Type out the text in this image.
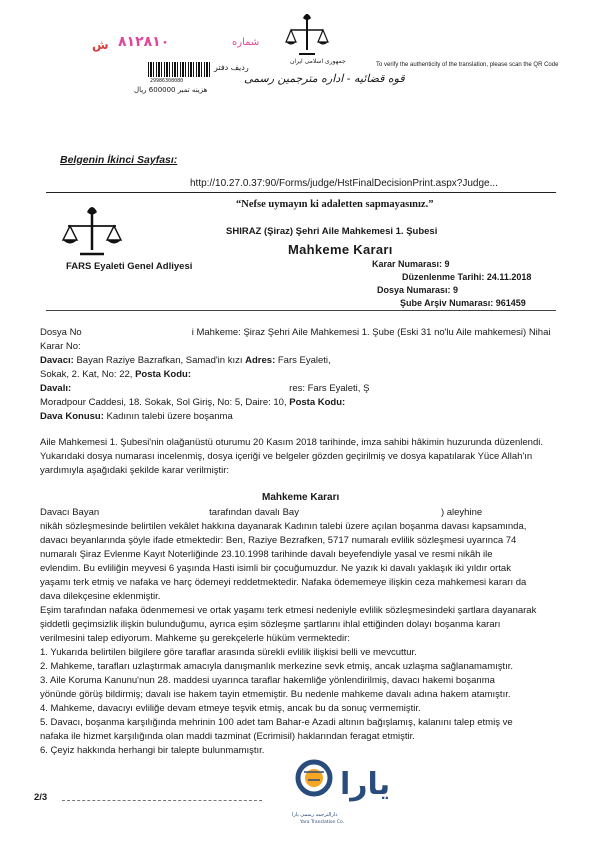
ش ۸۱۲۸۱۰	شماره
29986308080
ردیف دفتر
هزینه تمبر 600000 ریال
جمهوری اسلامی ایران
قوه قضائیه - اداره مترجمین رسمی
To verify the authenticity of the translation, please scan the QR Code
Belgenin İkinci Sayfası:
http://10.27.0.37:90/Forms/judge/HstFinalDecisionPrint.aspx?Judge...
“Nefse uymayın ki adaletten sapmayasınız.”
FARS Eyaleti Genel Adliyesi
SHIRAZ (Şiraz) Şehri Aile Mahkemesi 1. Şubesi
Mahkeme Kararı
Karar Numarası: 9
Düzenlenme Tarihi: 24.11.2018
Dosya Numarası: 9
Şube Arşiv Numarası: 961459
Dosya No	i Mahkeme: Şiraz Şehri Aile Mahkemesi 1. Şube (Eski 31 no'lu Aile mahkemesi) Nihai
Karar No:
Davacı: Bayan Raziye Bazrafkan, Samad'in kızı Adres: Fars Eyaleti,
Sokak, 2. Kat, No: 22, Posta Kodu:
Davalı:	res: Fars Eyaleti, Ş
Moradpour Caddesi, 18. Sokak, Sol Giriş, No: 5, Daire: 10, Posta Kodu:
Dava Konusu: Kadının talebi üzere boşanma
Aile Mahkemesi 1. Şubesi'nin olağanüstü oturumu 20 Kasım 2018 tarihinde, imza sahibi hâkimin huzurunda düzenlendi. Yukarıdaki dosya numarası incelenmiş, dosya içeriği ve belgeler gözden geçirilmiş ve dosya kapatılarak Yüce Allah'ın yardımıyla aşağıdaki şekilde karar verilmiştir:
Mahkeme Kararı
Davacı Bayan	tarafından davalı Bay	) aleyhine
nikâh sözleşmesinde belirtilen vekâlet hakkına dayanarak Kadının talebi üzere açılan boşanma davası kapsamında,
davacı beyanlarında şöyle ifade etmektedir: Ben, Raziye Bezrafken, 5717 numaralı evlilik sözleşmesi uyarınca 74
numaralı Şiraz Evlenme Kayıt Noterliğinde 23.10.1998 tarihinde davalı beyefendiyle yasal ve resmi nikâh ile
evlendim. Bu evliliğin meyvesi 6 yaşında Hasti isimli bir çocuğumuzdur. Ne yazık ki davalı yaklaşık iki yıldır ortak
yaşamı terk etmiş ve nafaka ve harç ödemeyi reddetmektedir. Nafaka ödememeye ilişkin ceza mahkemesi kararı da
dava dilekçesine eklenmiştir.
Eşim tarafından nafaka ödenmemesi ve ortak yaşamı terk etmesi nedeniyle evlilik sözleşmesindeki şartlara dayanarak
şiddetli geçimsizlik ilişkin bulunduğumu, ayrıca eşim sözleşme şartlarını ihlal ettiğinden dolayı boşanma kararı
verilmesini talep ediyorum. Mahkeme şu gerekçelerle hüküm vermektedir:
1. Yukarıda belirtilen bilgilere göre taraflar arasında sürekli evlilik ilişkisi belli ve mevcuttur.
2. Mahkeme, tarafları uzlaştırmak amacıyla danışmanlık merkezine sevk etmiş, ancak uzlaşma sağlanamamıştır.
3. Aile Koruma Kanunu'nun 28. maddesi uyarınca taraflar hakemliğe yönlendirilmiş, davacı hakemi boşanma
yönünde görüş bildirmiş; davalı ise hakem tayin etmemiştir. Bu nedenle mahkeme davalı adına hakem atamıştır.
4. Mahkeme, davacıyı evliliğe devam etmeye teşvik etmiş, ancak bu da sonuç vermemiştir.
5. Davacı, boşanma karşılığında mehrinin 100 adet tam Bahar-e Azadi altının bağışlamış, kalanını talep etmiş ve
nafaka ile hizmet karşılığında olan maddi tazminat (Ecrimisil) haklarından feragat etmiştir.
6. Çeyiz hakkında herhangi bir talepte bulunmamıştır.
2/3	یارا
دارالترجمه رسمی یارا
Yara Translation Co.
